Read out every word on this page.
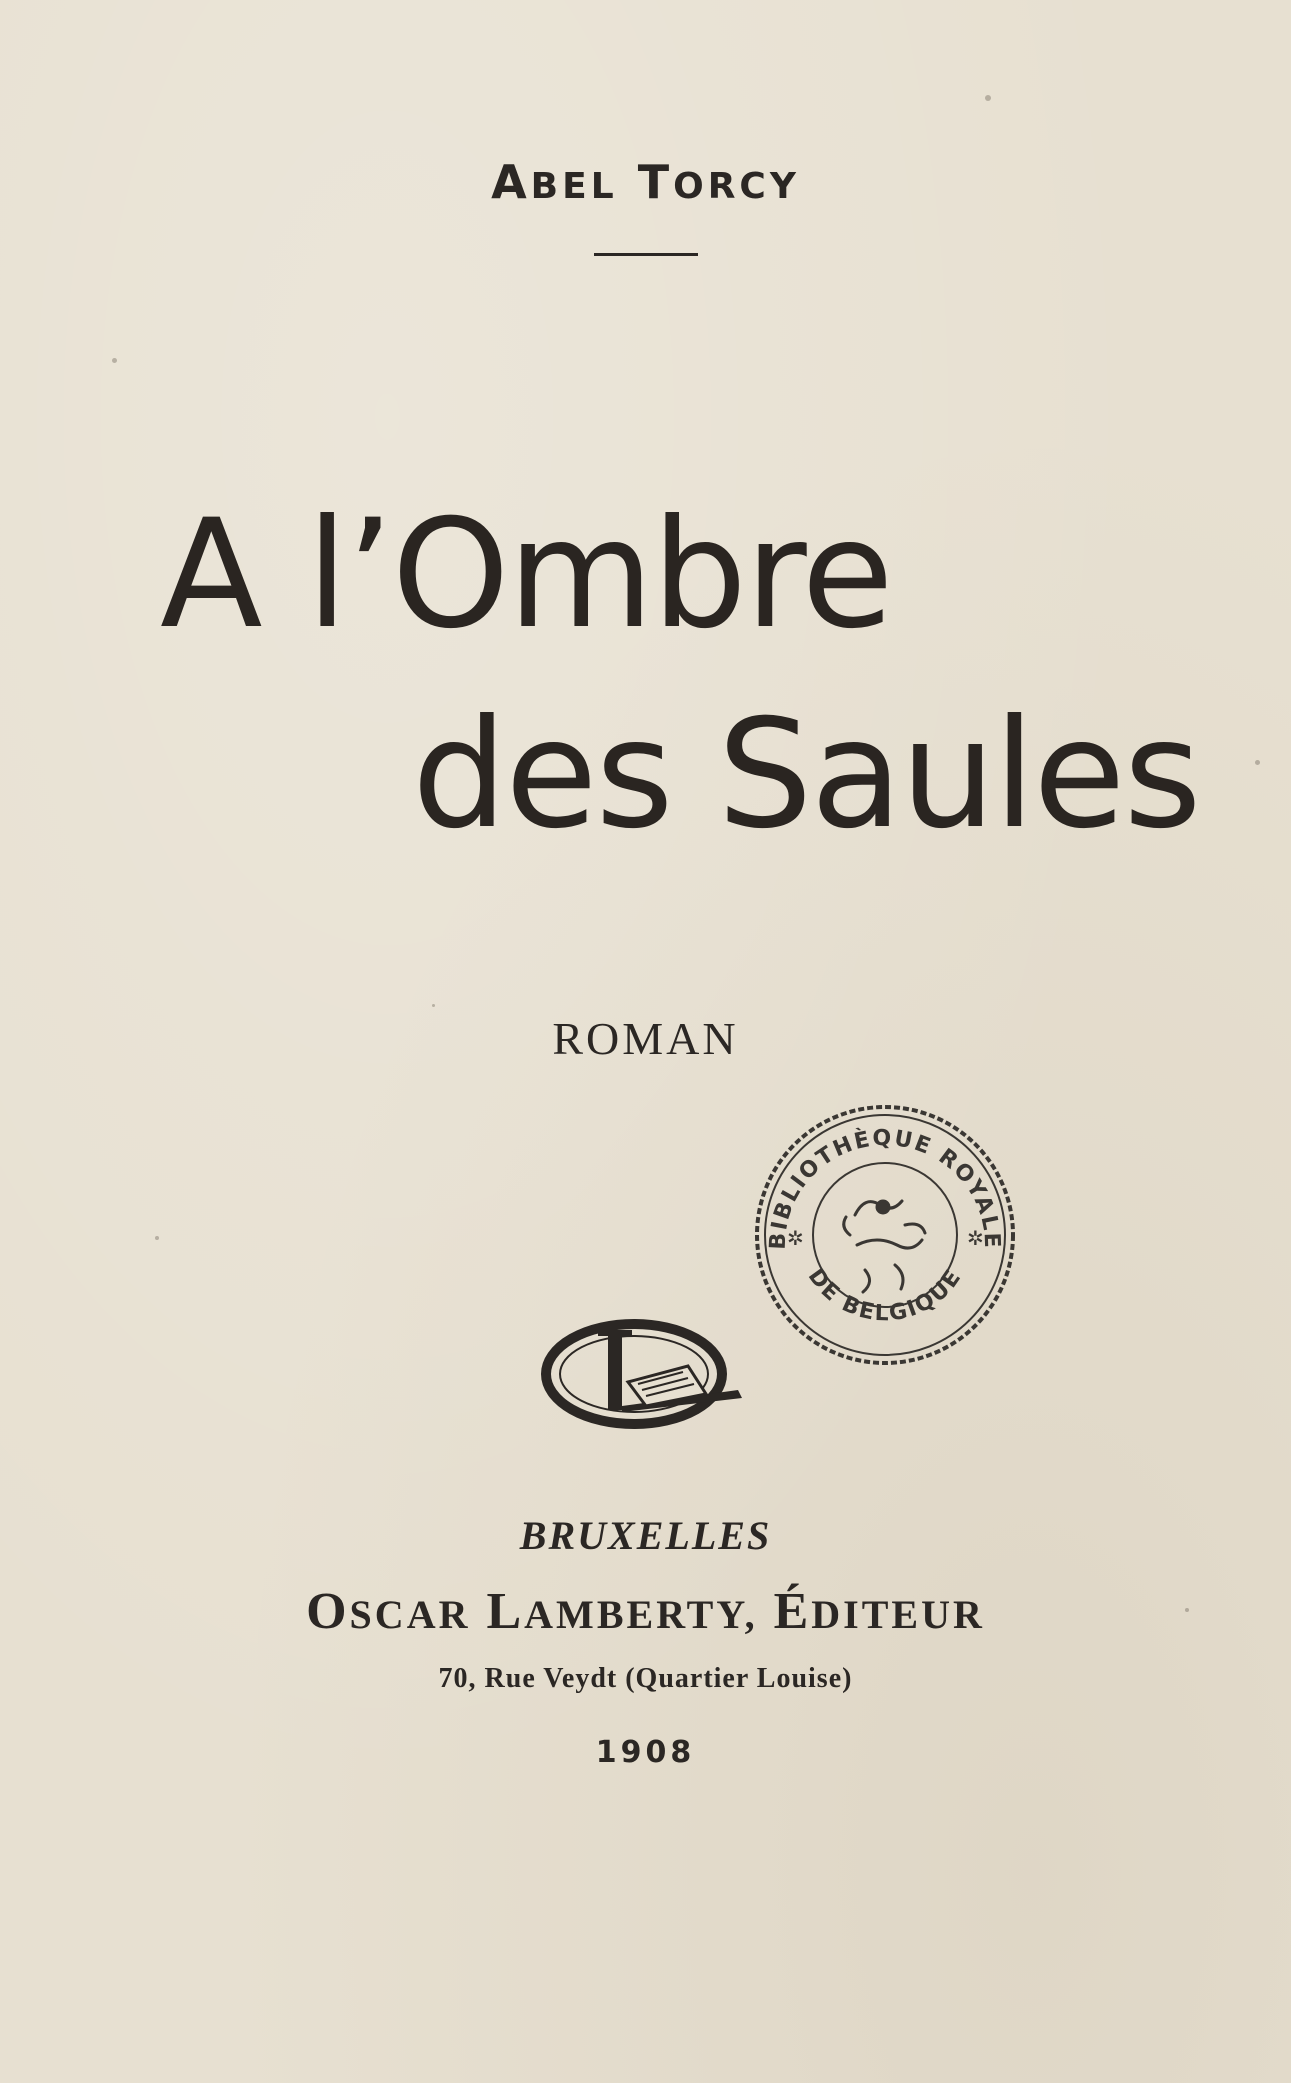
ABEL TORCY
A l’Ombre
des Saules
ROMAN
BIBLIOTHÈQUE ROYALE
DE BELGIQUE
✲	✲
BRUXELLES
OSCAR LAMBERTY, ÉDITEUR
70, Rue Veydt (Quartier Louise)
1908
